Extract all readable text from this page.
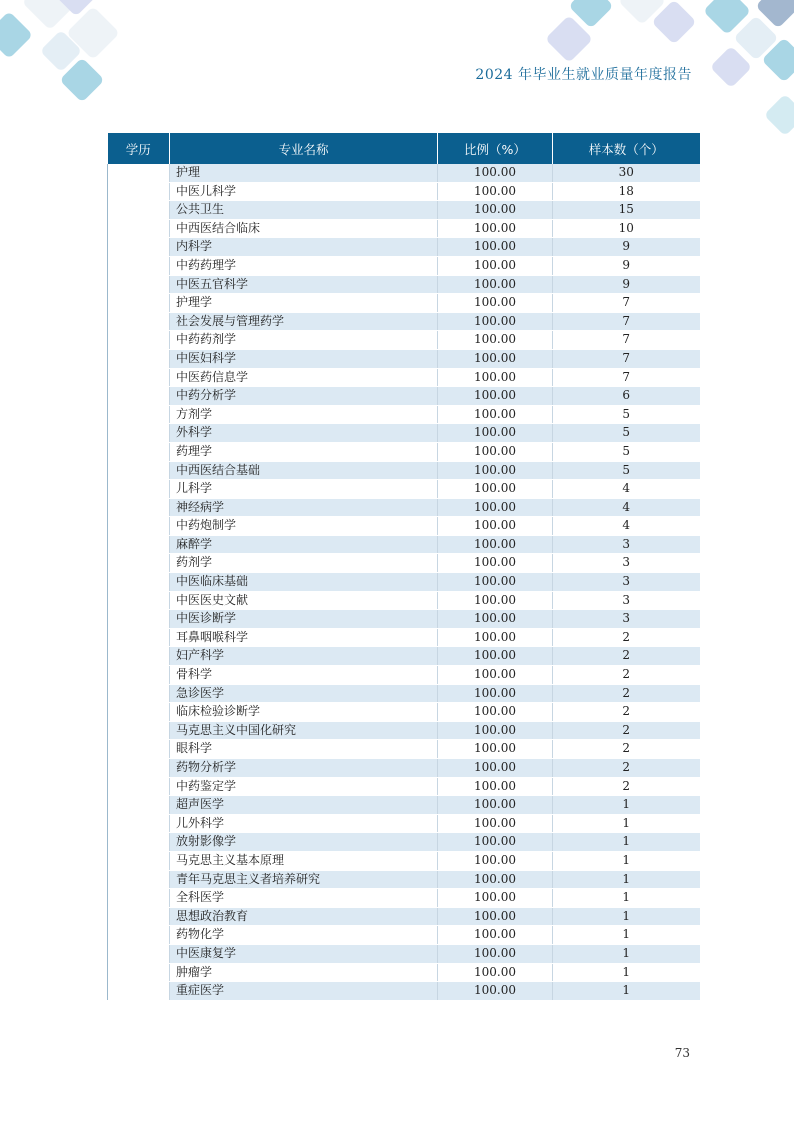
2024 年毕业生就业质量年度报告
学历	专业名称	比例（%）	样本数（个）
	护理	100.00	30
	中医儿科学	100.00	18
	公共卫生	100.00	15
	中西医结合临床	100.00	10
	内科学	100.00	9
	中药药理学	100.00	9
	中医五官科学	100.00	9
	护理学	100.00	7
	社会发展与管理药学	100.00	7
	中药药剂学	100.00	7
	中医妇科学	100.00	7
	中医药信息学	100.00	7
	中药分析学	100.00	6
	方剂学	100.00	5
	外科学	100.00	5
	药理学	100.00	5
	中西医结合基础	100.00	5
	儿科学	100.00	4
	神经病学	100.00	4
	中药炮制学	100.00	4
	麻醉学	100.00	3
	药剂学	100.00	3
	中医临床基础	100.00	3
	中医医史文献	100.00	3
	中医诊断学	100.00	3
	耳鼻咽喉科学	100.00	2
	妇产科学	100.00	2
	骨科学	100.00	2
	急诊医学	100.00	2
	临床检验诊断学	100.00	2
	马克思主义中国化研究	100.00	2
	眼科学	100.00	2
	药物分析学	100.00	2
	中药鉴定学	100.00	2
	超声医学	100.00	1
	儿外科学	100.00	1
	放射影像学	100.00	1
	马克思主义基本原理	100.00	1
	青年马克思主义者培养研究	100.00	1
	全科医学	100.00	1
	思想政治教育	100.00	1
	药物化学	100.00	1
	中医康复学	100.00	1
	肿瘤学	100.00	1
	重症医学	100.00	1
73
